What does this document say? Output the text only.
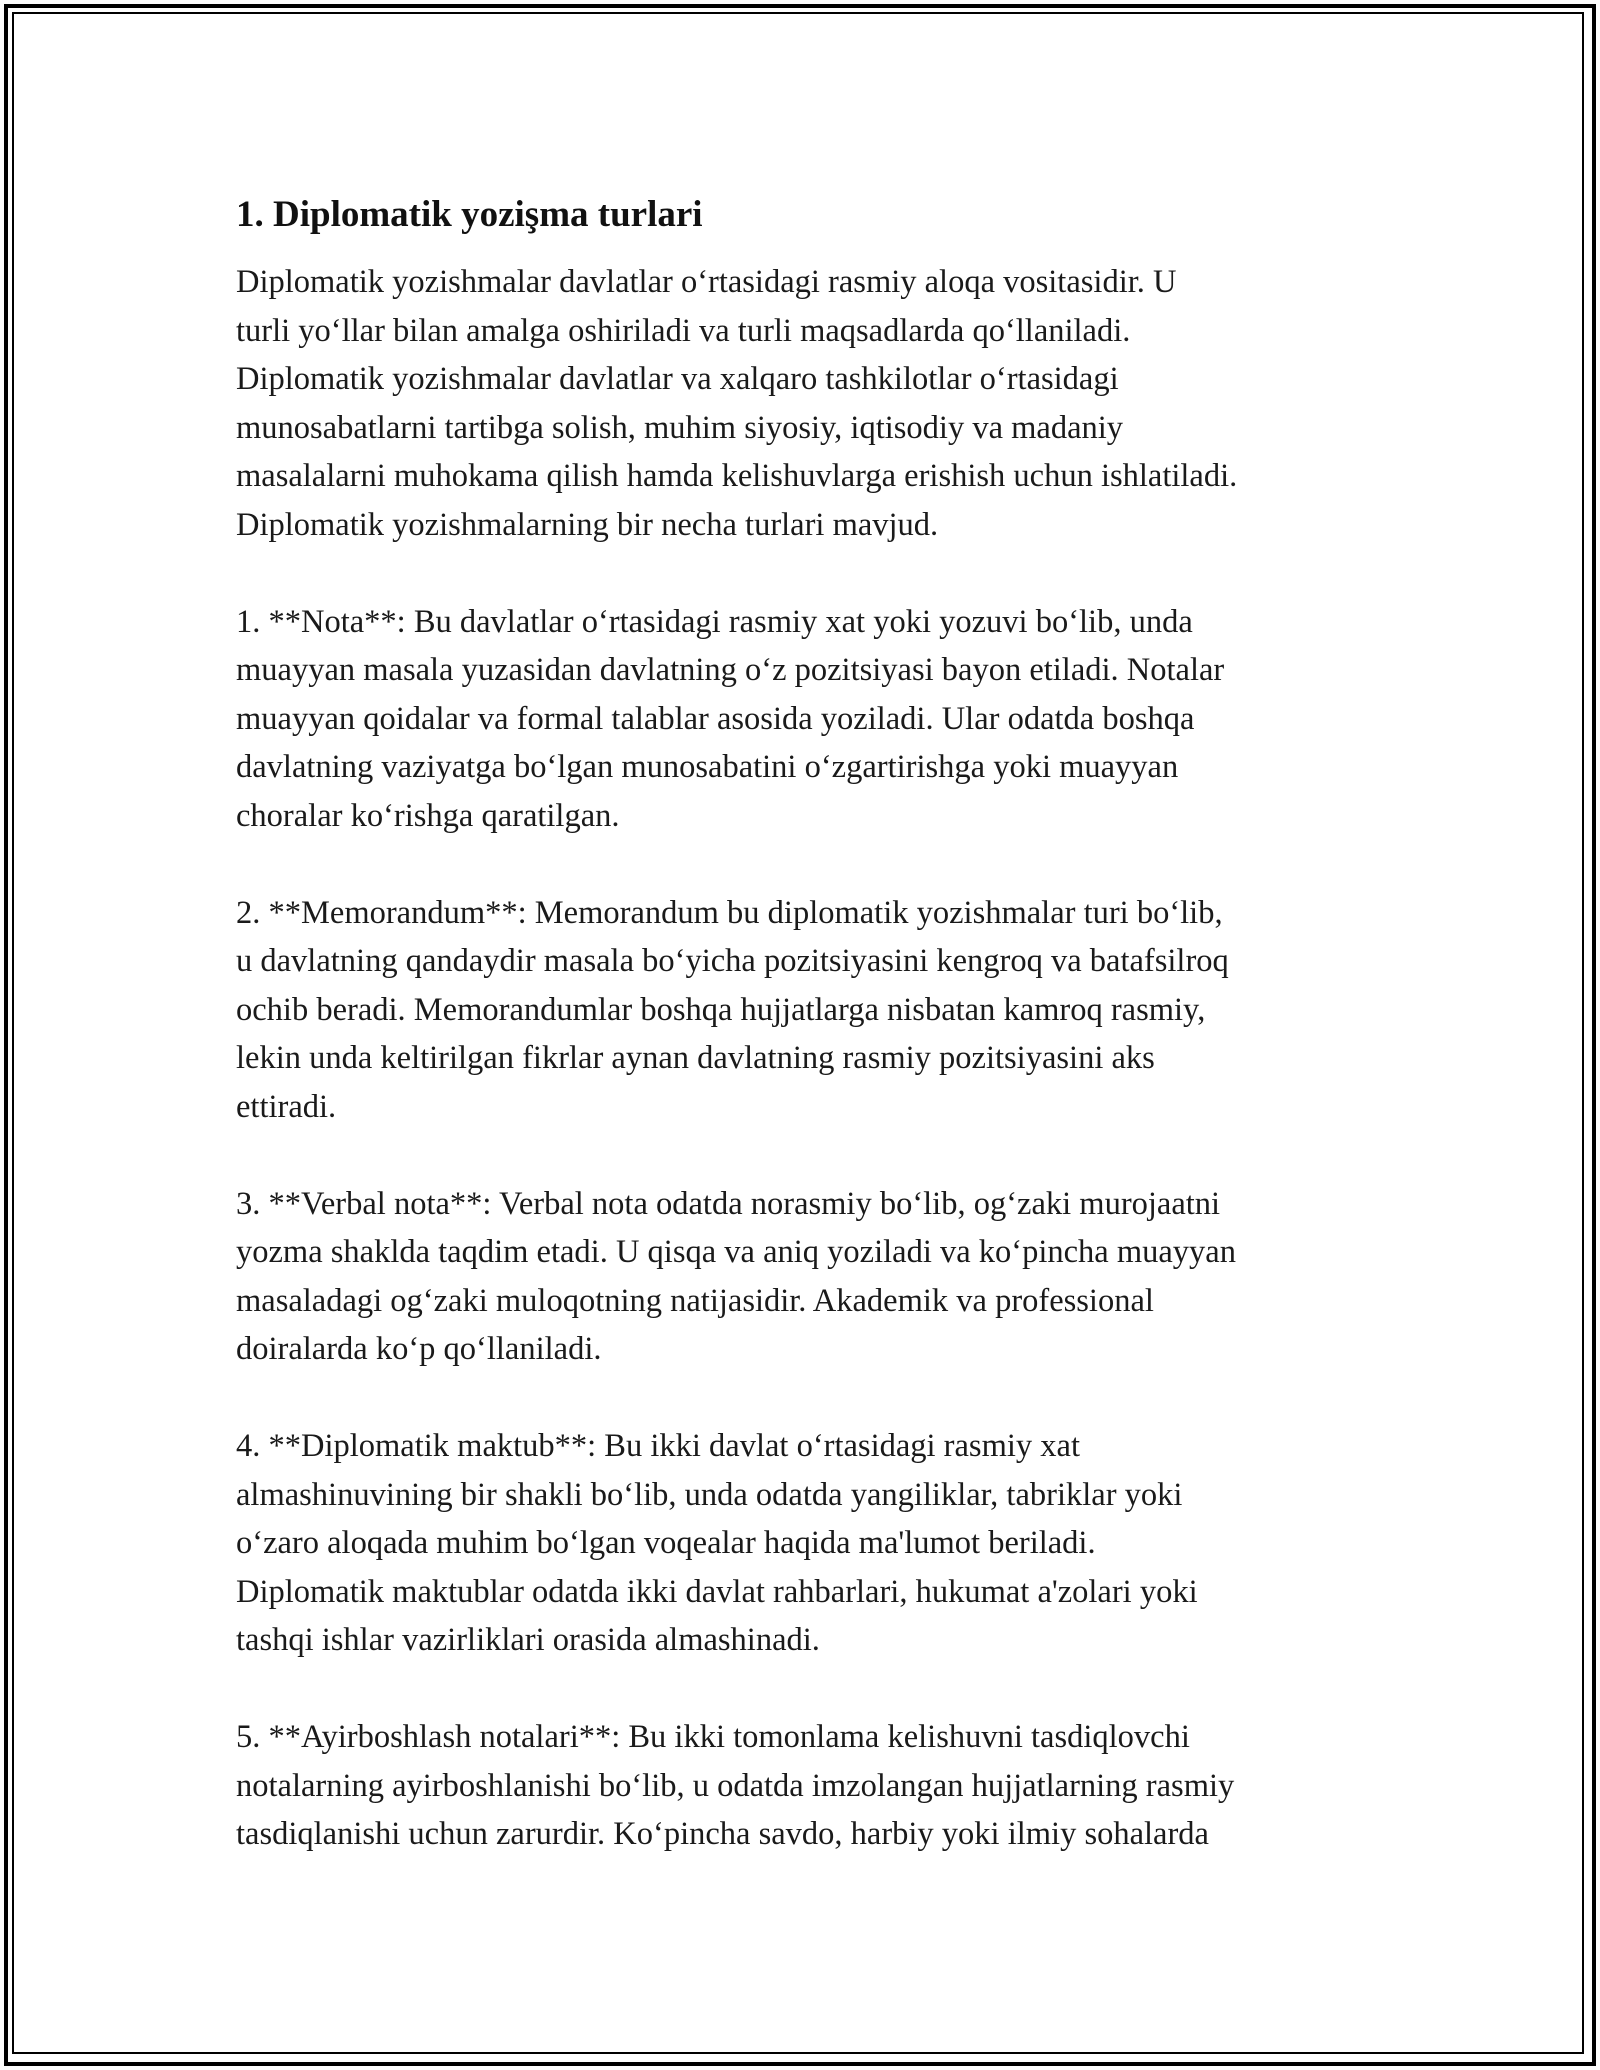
1. Diplomatik yozişma turlari

Diplomatik yozishmalar davlatlar o‘rtasidagi rasmiy aloqa vositasidir. U
turli yo‘llar bilan amalga oshiriladi va turli maqsadlarda qo‘llaniladi.
Diplomatik yozishmalar davlatlar va xalqaro tashkilotlar o‘rtasidagi
munosabatlarni tartibga solish, muhim siyosiy, iqtisodiy va madaniy
masalalarni muhokama qilish hamda kelishuvlarga erishish uchun ishlatiladi.
Diplomatik yozishmalarning bir necha turlari mavjud.

1. **Nota**: Bu davlatlar o‘rtasidagi rasmiy xat yoki yozuvi bo‘lib, unda
muayyan masala yuzasidan davlatning o‘z pozitsiyasi bayon etiladi. Notalar
muayyan qoidalar va formal talablar asosida yoziladi. Ular odatda boshqa
davlatning vaziyatga bo‘lgan munosabatini o‘zgartirishga yoki muayyan
choralar ko‘rishga qaratilgan.

2. **Memorandum**: Memorandum bu diplomatik yozishmalar turi bo‘lib,
u davlatning qandaydir masala bo‘yicha pozitsiyasini kengroq va batafsilroq
ochib beradi. Memorandumlar boshqa hujjatlarga nisbatan kamroq rasmiy,
lekin unda keltirilgan fikrlar aynan davlatning rasmiy pozitsiyasini aks
ettiradi.

3. **Verbal nota**: Verbal nota odatda norasmiy bo‘lib, og‘zaki murojaatni
yozma shaklda taqdim etadi. U qisqa va aniq yoziladi va ko‘pincha muayyan
masaladagi og‘zaki muloqotning natijasidir. Akademik va professional
doiralarda ko‘p qo‘llaniladi.

4. **Diplomatik maktub**: Bu ikki davlat o‘rtasidagi rasmiy xat
almashinuvining bir shakli bo‘lib, unda odatda yangiliklar, tabriklar yoki
o‘zaro aloqada muhim bo‘lgan voqealar haqida ma'lumot beriladi.
Diplomatik maktublar odatda ikki davlat rahbarlari, hukumat a'zolari yoki
tashqi ishlar vazirliklari orasida almashinadi.

5. **Ayirboshlash notalari**: Bu ikki tomonlama kelishuvni tasdiqlovchi
notalarning ayirboshlanishi bo‘lib, u odatda imzolangan hujjatlarning rasmiy
tasdiqlanishi uchun zarurdir. Ko‘pincha savdo, harbiy yoki ilmiy sohalarda
